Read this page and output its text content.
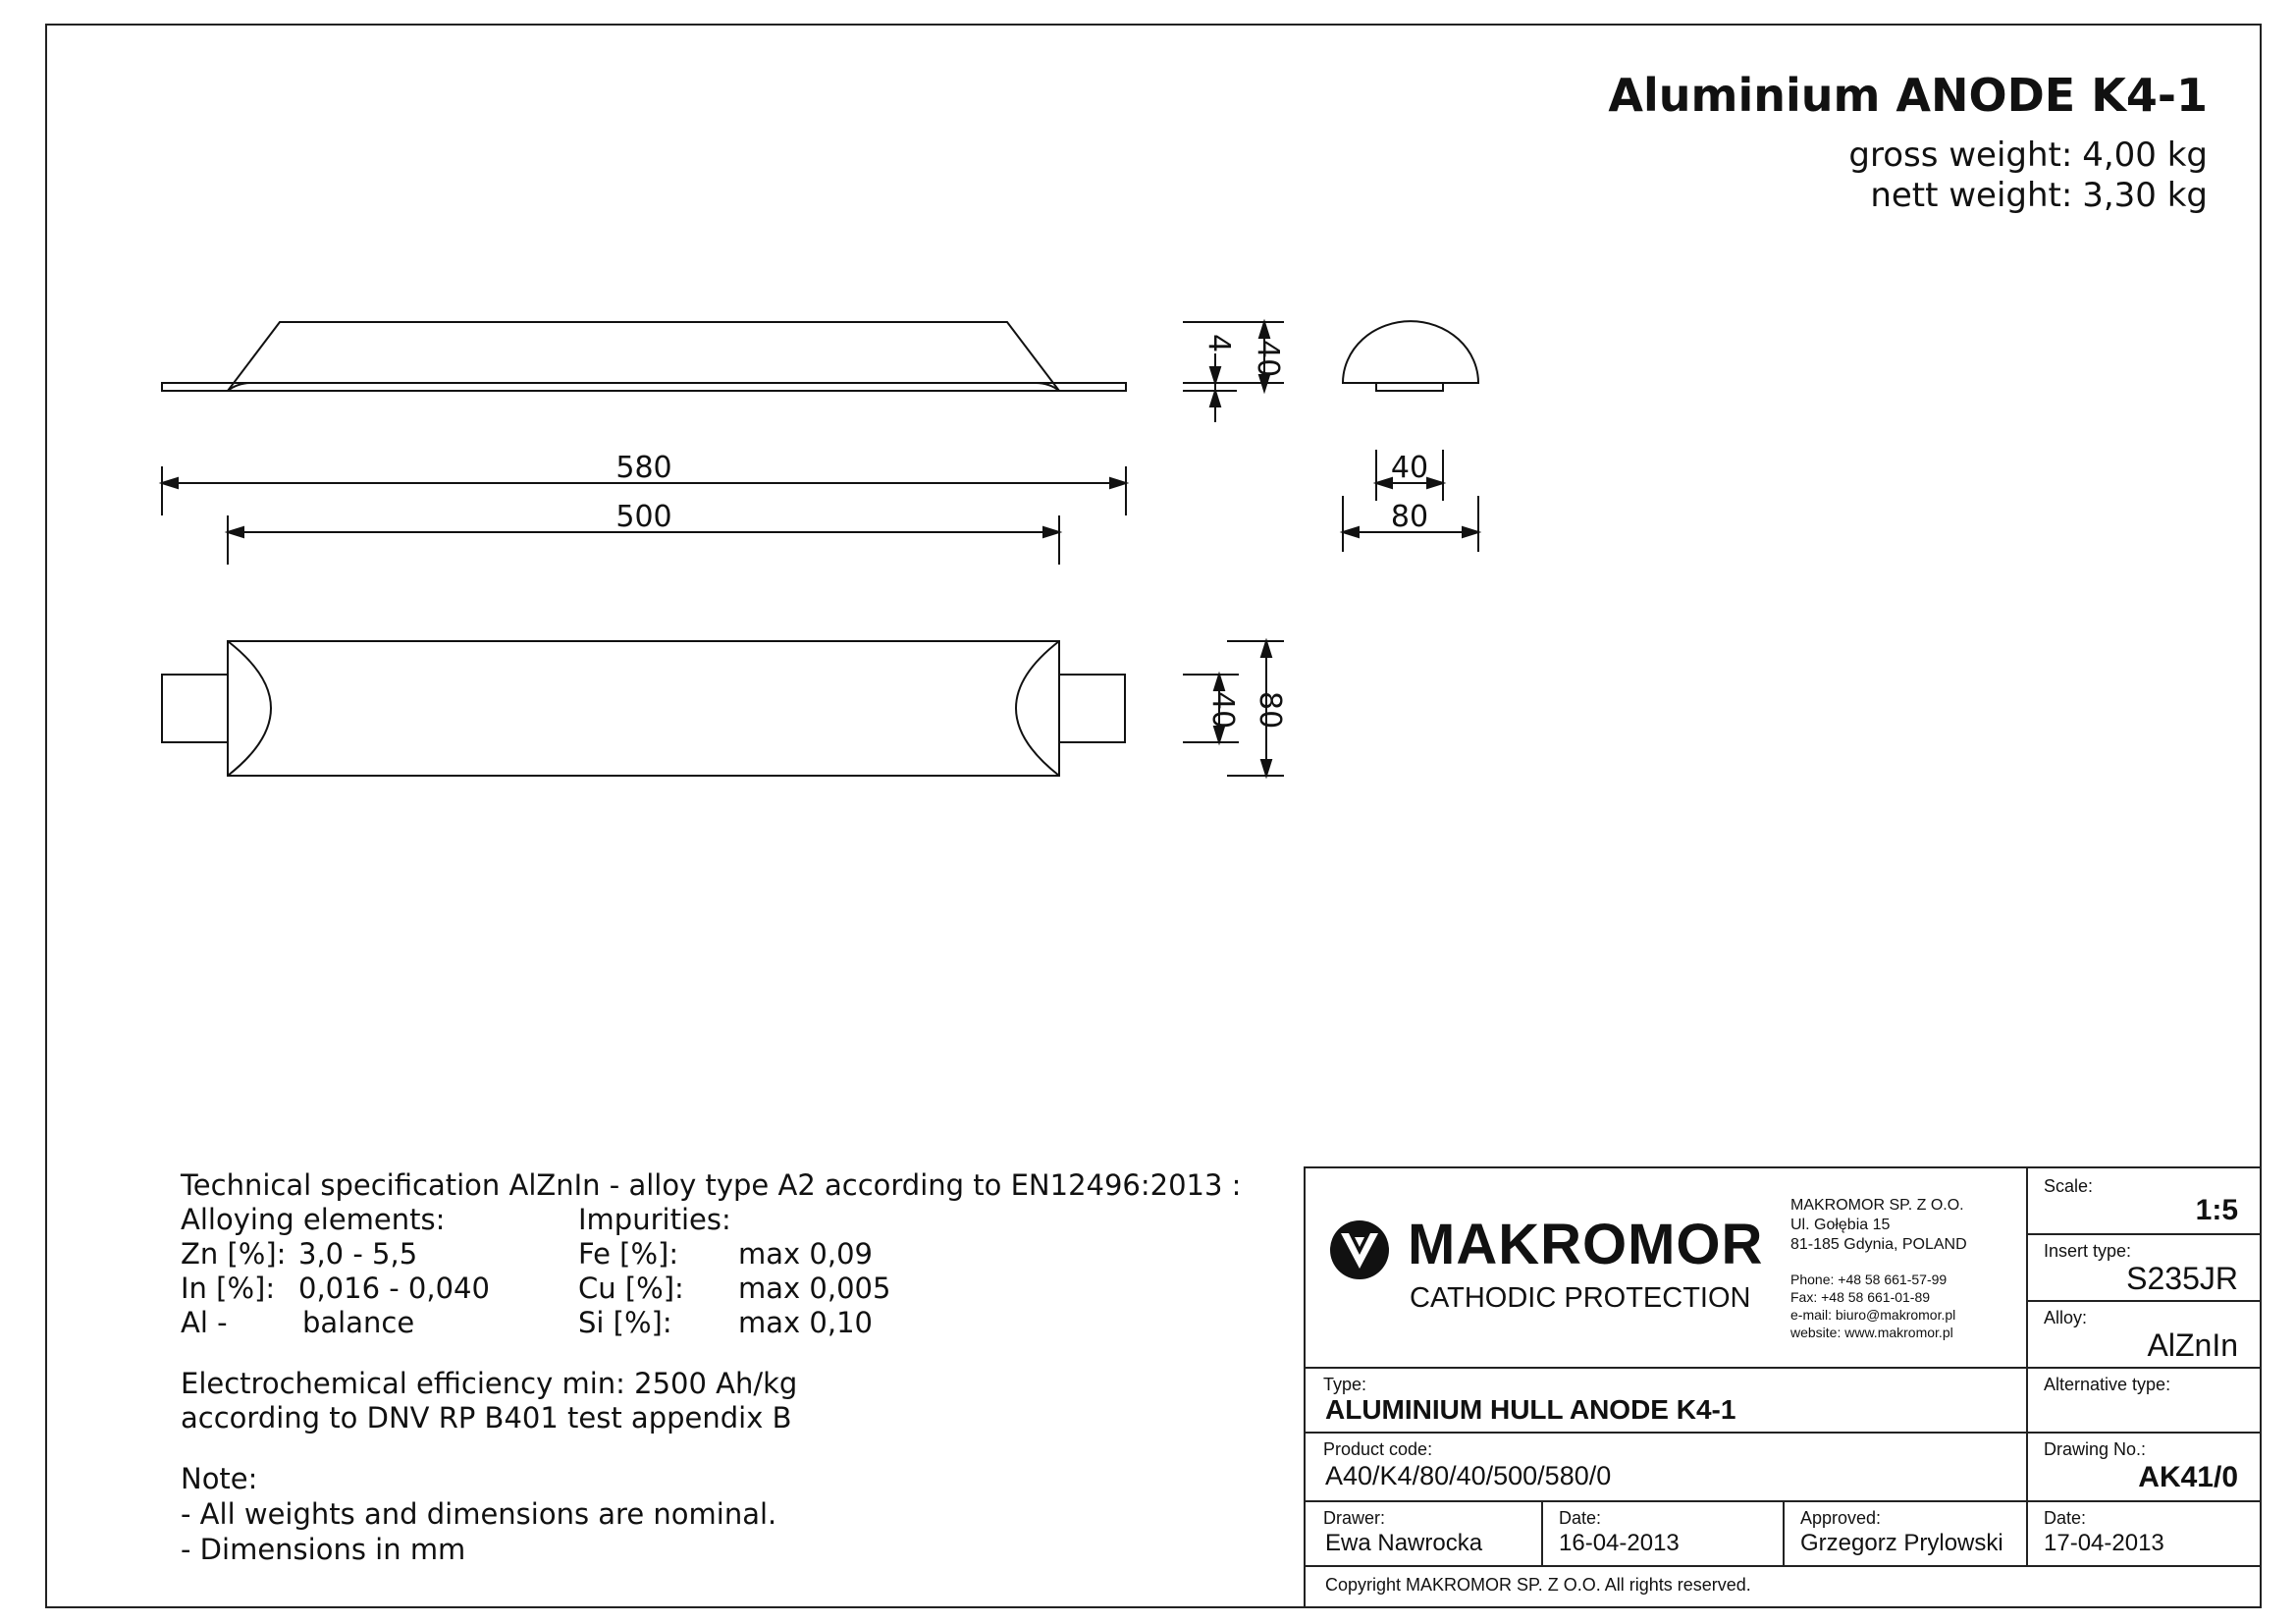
Aluminium ANODE K4-1
gross weight: 4,00 kg
nett weight: 3,30 kg
4 40
580
500
40
80
40 80
Technical specification AlZnIn - alloy type A2 according to EN12496:2013 :
Alloying elements:	Impurities:
Zn [%]: 3,0 - 5,5	Fe [%]: max 0,09
In [%]: 0,016 - 0,040	Cu [%]: max 0,005
Al -	balance	Si [%]: max 0,10
Electrochemical efficiency min: 2500 Ah/kg
according to DNV RP B401 test appendix B
Note:
- All weights and dimensions are nominal.
- Dimensions in mm
MAKROMOR
CATHODIC PROTECTION
MAKROMOR SP. Z O.O.
Ul. Gołębia 15
81-185 Gdynia, POLAND
Phone: +48 58 661-57-99
Fax: +48 58 661-01-89
e-mail: biuro@makromor.pl
website: www.makromor.pl
Scale:
1:5
Insert type:
S235JR
Alloy:
AlZnIn
Alternative type:
Drawing No.:
AK41/0
Type:
ALUMINIUM HULL ANODE K4-1
Product code:
A40/K4/80/40/500/580/0
Drawer:
Ewa Nawrocka
Date:
16-04-2013
Approved:
Grzegorz Prylowski
Date:
17-04-2013
Copyright MAKROMOR SP. Z O.O. All rights reserved.
